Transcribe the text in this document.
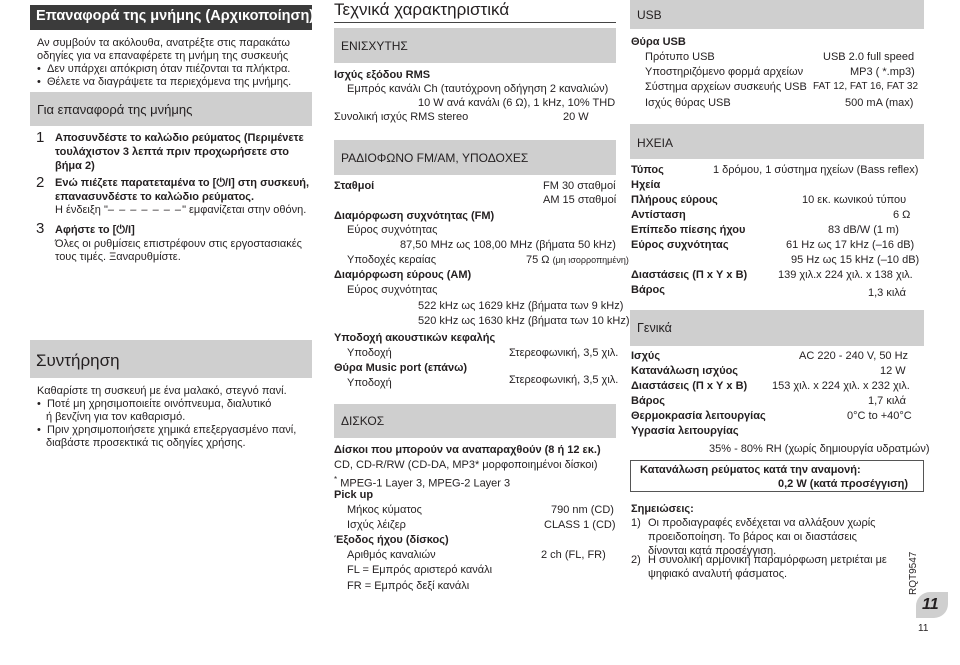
Επαναφορά της μνήμης (Αρχικοποίηση)
Αν συμβούν τα ακόλουθα, ανατρέξτε στις παρακάτω
οδηγίες για να επαναφέρετε τη μνήμη της συσκευής
•  Δεν υπάρχει απόκριση όταν πιέζονται τα πλήκτρα.
•  Θέλετε να διαγράψετε τα περιεχόμενα της μνήμης.
Για επαναφορά της μνήμης
1 Αποσυνδέστε το καλώδιο ρεύματος (Περιμένετε
τουλάχιστον 3 λεπτά πριν προχωρήσετε στο
βήμα 2)
2 Ενώ πιέζετε παρατεταμένα το [⏻/I] στη συσκευή,
επανασυνδέστε το καλώδιο ρεύματος.
Η ένδειξη "– – – – – – –" εμφανίζεται στην οθόνη.
3 Αφήστε το [⏻/I]
Όλες οι ρυθμίσεις επιστρέφουν στις εργοστασιακές
τους τιμές. Ξαναρυθμίστε.
Συντήρηση
Καθαρίστε τη συσκευή με ένα μαλακό, στεγνό πανί.
•  Ποτέ μη χρησιμοποιείτε οινόπνευμα, διαλυτικό
ή βενζίνη για τον καθαρισμό.
•  Πριν χρησιμοποιήσετε χημικά επεξεργασμένο πανί,
διαβάστε προσεκτικά τις οδηγίες χρήσης.
Τεχνικά χαρακτηριστικά
ΕΝΙΣΧΥΤΗΣ
Ισχύς εξόδου RMS
Εμπρός κανάλι Ch (ταυτόχρονη οδήγηση 2 καναλιών)
10 W ανά κανάλι (6 Ω), 1 kHz, 10% THD
Συνολική ισχύς RMS stereo	20 W
ΡΑΔΙΟΦΩΝΟ FM/AM, ΥΠΟΔΟΧΕΣ
Σταθμοί	FM 30 σταθμοί
AM 15 σταθμοί
Διαμόρφωση συχνότητας (FM)
Εύρος συχνότητας
87,50 MHz ως 108,00 MHz (βήματα 50 kHz)
Υποδοχές κεραίας	75 Ω (μη ισορροπημένη)
Διαμόρφωση εύρους (AM)
Εύρος συχνότητας
522 kHz ως 1629 kHz (βήματα των 9 kHz)
520 kHz ως 1630 kHz (βήματα των 10 kHz)
Υποδοχή ακουστικών κεφαλής
Υποδοχή	Στερεοφωνική, 3,5 χιλ.
Θύρα Music port (επάνω)
Υποδοχή	Στερεοφωνική, 3,5 χιλ.
ΔΙΣΚΟΣ
Δίσκοι που μπορούν να αναπαραχθούν (8 ή 12 εκ.)
CD, CD-R/RW (CD-DA, MP3* μορφοποιημένοι δίσκοι)
* MPEG-1 Layer 3, MPEG-2 Layer 3
Pick up
Μήκος κύματος	790 nm (CD)
Ισχύς λέιζερ	CLASS 1 (CD)
Έξοδος ήχου (δίσκος)
Αριθμός καναλιών	2 ch (FL, FR)
FL = Εμπρός αριστερό κανάλι
FR = Εμπρός δεξί κανάλι
USB
Θύρα USB
Πρότυπο USB	USB 2.0 full speed
Υποστηριζόμενο φορμά αρχείων	MP3 ( *.mp3)
Σύστημα αρχείων συσκευής USB FAT 12, FAT 16, FAT 32
Ισχύς θύρας USB	500 mA (max)
ΗΧΕΙΑ
Τύπος	1 δρόμου, 1 σύστημα ηχείων (Bass reflex)
Ηχεία
Πλήρους εύρους	10 εκ. κωνικού τύπου
Αντίσταση	6 Ω
Επίπεδο πίεσης ήχου	83 dB/W (1 m)
Εύρος συχνότητας	61 Hz ως 17 kHz (–16 dB)
95 Hz ως 15 kHz (–10 dB)
Διαστάσεις (Π x Υ x Β)	139 χιλ.x 224 χιλ. x 138 χιλ.
Βάρος	1,3 κιλά
Γενικά
Ισχύς	AC 220 - 240 V, 50 Hz
Κατανάλωση ισχύος	12 W
Διαστάσεις (Π x Υ x Β) 153 χιλ. x 224 χιλ. x 232 χιλ.
Βάρος	1,7 κιλά
Θερμοκρασία λειτουργίας	0°C to +40°C
Υγρασία λειτουργίας
35% - 80% RH (χωρίς δημιουργία υδρατμών)
Κατανάλωση ρεύματος κατά την αναμονή:
0,2 W (κατά προσέγγιση)
Σημειώσεις:
1) Οι προδιαγραφές ενδέχεται να αλλάξουν χωρίς
προειδοποίηση. Το βάρος και οι διαστάσεις
δίνονται κατά προσέγγιση.
2) Η συνολική αρμονική παραμόρφωση μετριέται με
ψηφιακό αναλυτή φάσματος.	RQT9547
11
11
